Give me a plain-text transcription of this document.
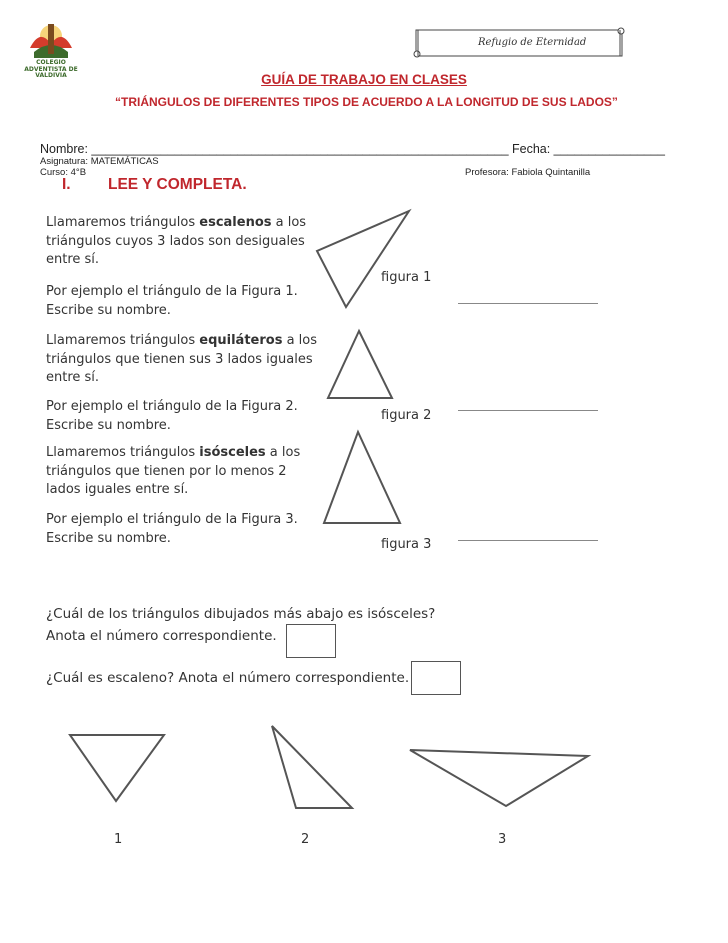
COLEGIO ADVENTISTA DE VALDIVIA
Refugio de Eternidad
GUÍA DE TRABAJO EN CLASES
“TRIÁNGULOS DE DIFERENTES TIPOS DE ACUERDO A LA LONGITUD DE SUS LADOS”
Nombre: ____________________________________________________________ Fecha: ________________
Asignatura: MATEMÁTICAS
Curso: 4°B	Profesora: Fabiola Quintanilla
I. LEE Y COMPLETA.
Llamaremos triángulos escalenos a los triángulos cuyos 3 lados son desiguales entre sí.
Por ejemplo el triángulo de la Figura 1. Escribe su nombre.
figura 1
Llamaremos triángulos equiláteros a los triángulos que tienen sus 3 lados iguales entre sí.
Por ejemplo el triángulo de la Figura 2. Escribe su nombre.
figura 2
Llamaremos triángulos isósceles a los triángulos que tienen por lo menos 2 lados iguales entre sí.
Por ejemplo el triángulo de la Figura 3. Escribe su nombre.	figura 3
¿Cuál de los triángulos dibujados más abajo es isósceles?
Anota el número correspondiente.
¿Cuál es escaleno? Anota el número correspondiente.
1	2	3
